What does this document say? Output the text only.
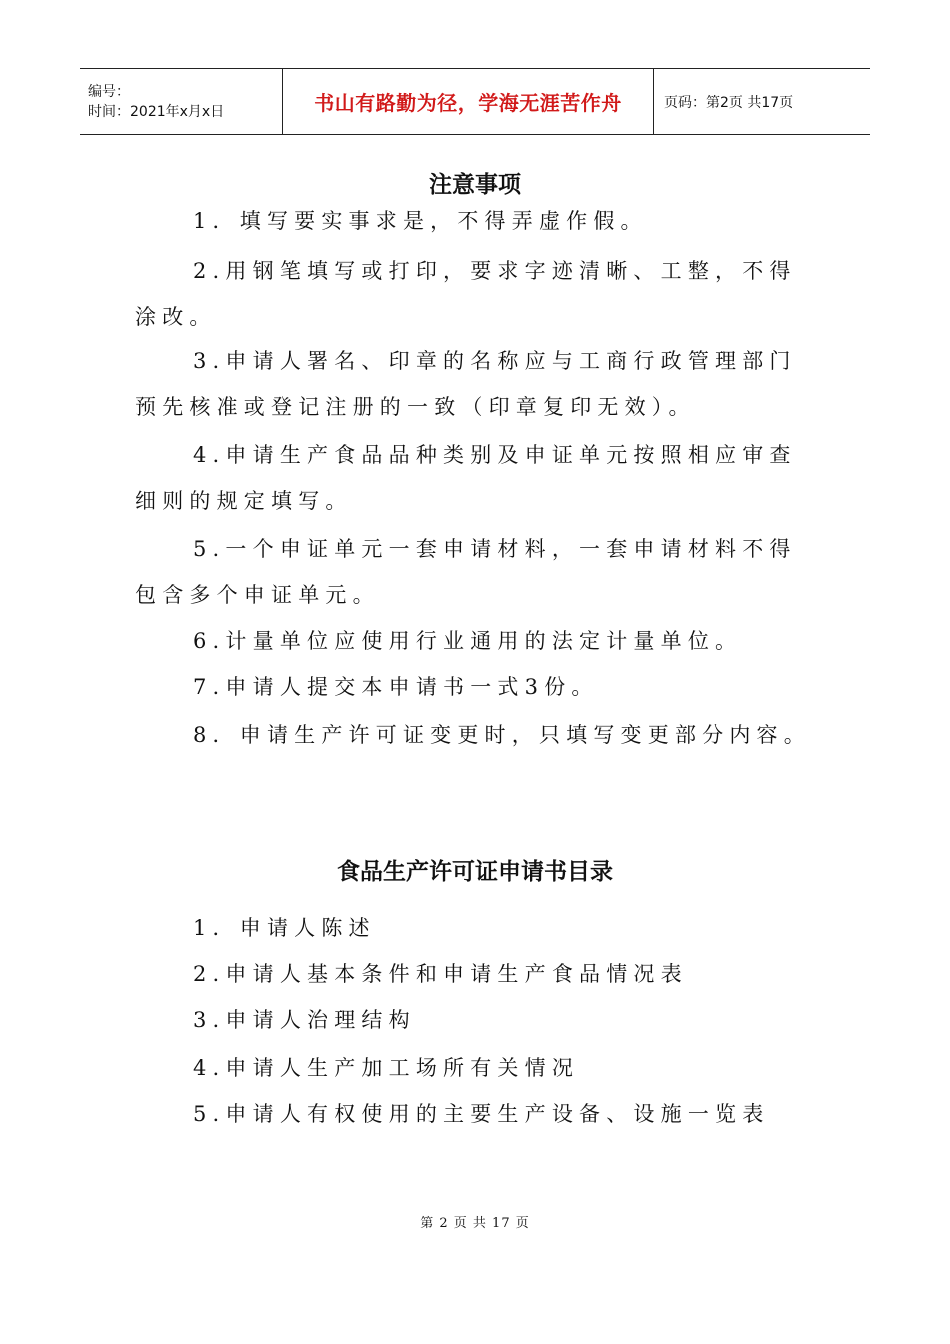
编号：
时间：2021年x月x日	书山有路勤为径，学海无涯苦作舟	页码：第2页 共17页
注意事项

1．填写要实事求是，不得弄虚作假。

2.用钢笔填写或打印，要求字迹清晰、工整，不得涂改。

3.申请人署名、印章的名称应与工商行政管理部门预先核准或登记注册的一致（印章复印无效）。

4.申请生产食品品种类别及申证单元按照相应审查细则的规定填写。

5.一个申证单元一套申请材料，一套申请材料不得包含多个申证单元。

6.计量单位应使用行业通用的法定计量单位。

7.申请人提交本申请书一式3份。

8．申请生产许可证变更时，只填写变更部分内容。

食品生产许可证申请书目录

1．申请人陈述

2.申请人基本条件和申请生产食品情况表

3.申请人治理结构

4.申请人生产加工场所有关情况

5.申请人有权使用的主要生产设备、设施一览表

第 2 页 共 17 页
